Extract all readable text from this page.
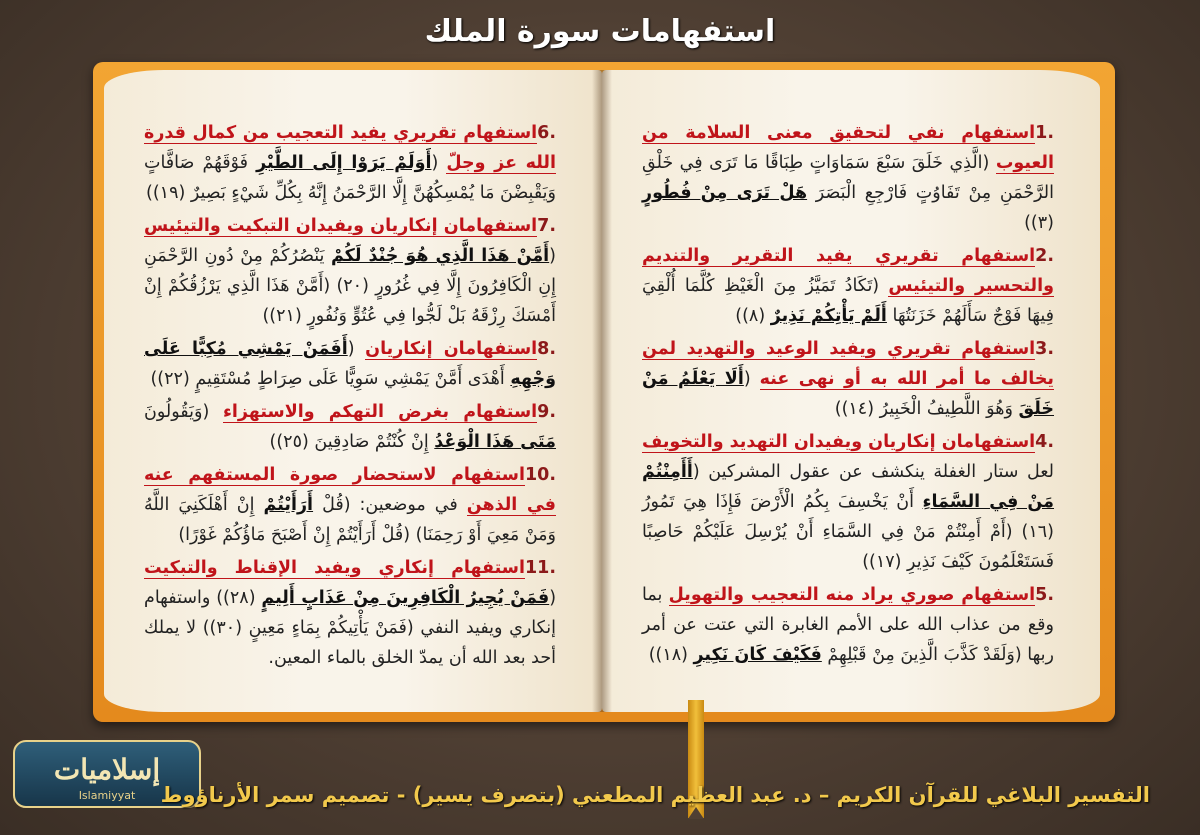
استفهامات سورة الملك

6.استفهام تقريري يفيد التعجيب من كمال قدرة الله عز وجلّ (أَوَلَمْ يَرَوْا إِلَى الطَّيْرِ فَوْقَهُمْ صَافَّاتٍ وَيَقْبِضْنَ مَا يُمْسِكُهُنَّ إِلَّا الرَّحْمَنُ إِنَّهُ بِكُلِّ شَيْءٍ بَصِيرٌ (١٩))

7.استفهامان إنكاريان ويفيدان التبكيت والتيئيس (أَمَّنْ هَذَا الَّذِي هُوَ جُنْدٌ لَكُمْ يَنْصُرُكُمْ مِنْ دُونِ الرَّحْمَنِ إِنِ الْكَافِرُونَ إِلَّا فِي غُرُورٍ (٢٠) (أَمَّنْ هَذَا الَّذِي يَرْزُقُكُمْ إِنْ أَمْسَكَ رِزْقَهُ بَلْ لَجُّوا فِي عُتُوٍّ وَنُفُورٍ (٢١))

8.استفهامان إنكاريان (أَفَمَنْ يَمْشِي مُكِبًّا عَلَى وَجْهِهِ أَهْدَى أَمَّنْ يَمْشِي سَوِيًّا عَلَى صِرَاطٍ مُسْتَقِيمٍ (٢٢))

9.استفهام بغرض التهكم والاستهزاء (وَيَقُولُونَ مَتَى هَذَا الْوَعْدُ إِنْ كُنْتُمْ صَادِقِينَ (٢٥))

10.استفهام لاستحضار صورة المستفهم عنه في الذهن في موضعين: (قُلْ أَرَأَيْتُمْ إِنْ أَهْلَكَنِيَ اللَّهُ وَمَنْ مَعِيَ أَوْ رَحِمَنَا) (قُلْ أَرَأَيْتُمْ إِنْ أَصْبَحَ مَاؤُكُمْ غَوْرًا)

11.استفهام إنكاري ويفيد الإقناط والتبكيت (فَمَنْ يُجِيرُ الْكَافِرِينَ مِنْ عَذَابٍ أَلِيمٍ (٢٨)) واستفهام إنكاري ويفيد النفي (فَمَنْ يَأْتِيكُمْ بِمَاءٍ مَعِينٍ (٣٠)) لا يملك أحد بعد الله أن يمدّ الخلق بالماء المعين.

1.استفهام نفي لتحقيق معنى السلامة من العيوب (الَّذِي خَلَقَ سَبْعَ سَمَاوَاتٍ طِبَاقًا مَا تَرَى فِي خَلْقِ الرَّحْمَنِ مِنْ تَفَاوُتٍ فَارْجِعِ الْبَصَرَ هَلْ تَرَى مِنْ فُطُورٍ (٣))

2.استفهام تقريري يفيد التقرير والتنديم والتحسير والتيئيس (تَكَادُ تَمَيَّزُ مِنَ الْغَيْظِ كُلَّمَا أُلْقِيَ فِيهَا فَوْجٌ سَأَلَهُمْ خَزَنَتُهَا أَلَمْ يَأْتِكُمْ نَذِيرٌ (٨))

3.استفهام تقريري ويفيد الوعيد والتهديد لمن يخالف ما أمر الله به أو نهى عنه (أَلَا يَعْلَمُ مَنْ خَلَقَ وَهُوَ اللَّطِيفُ الْخَبِيرُ (١٤))

4.استفهامان إنكاريان ويفيدان التهديد والتخويف لعل ستار الغفلة ينكشف عن عقول المشركين (أَأَمِنْتُمْ مَنْ فِي السَّمَاءِ أَنْ يَخْسِفَ بِكُمُ الْأَرْضَ فَإِذَا هِيَ تَمُورُ (١٦) (أَمْ أَمِنْتُمْ مَنْ فِي السَّمَاءِ أَنْ يُرْسِلَ عَلَيْكُمْ حَاصِبًا فَسَتَعْلَمُونَ كَيْفَ نَذِيرِ (١٧))

5.استفهام صوري يراد منه التعجيب والتهويل بما وقع من عذاب الله على الأمم الغابرة التي عتت عن أمر ربها (وَلَقَدْ كَذَّبَ الَّذِينَ مِنْ قَبْلِهِمْ فَكَيْفَ كَانَ نَكِيرِ (١٨))

إسلاميات
Islamiyyat التفسير البلاغي للقرآن الكريم – د. عبد العظيم المطعني (بتصرف يسير) - تصميم سمر الأرناؤوط
